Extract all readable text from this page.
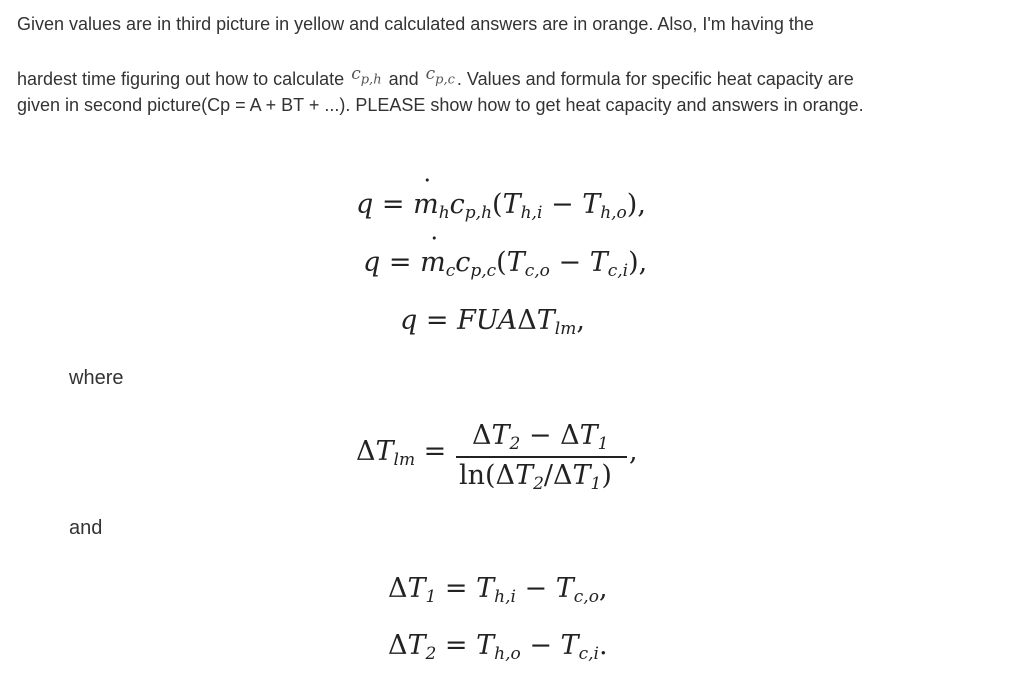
Given values are in third picture in yellow and calculated answers are in orange. Also, I'm having the
hardest time figuring out how to calculate $c_{p,h}$ and $c_{p,c}$ . Values and formula for specific heat capacity are
given in second picture(Cp = A + BT + ...). PLEASE show how to get heat capacity and answers in orange.
q = m $˙_hc_{p,h}(T_{h,i} - T_{h,o})$,
q = m $˙_cc_{p,c}(T_{c,o} - T_{c,i})$,
$q = FUA\Delta T_{lm}$,
where
$\Delta T_{lm}$ =
$\Delta T_2 - \Delta T_1$
$\ln(\Delta T_2/\Delta T_1)$
,
and
$\Delta T_1 = T_{h,i} - T_{c,o}$,
$\Delta T_2 = T_{h,o} - T_{c,i}$.
